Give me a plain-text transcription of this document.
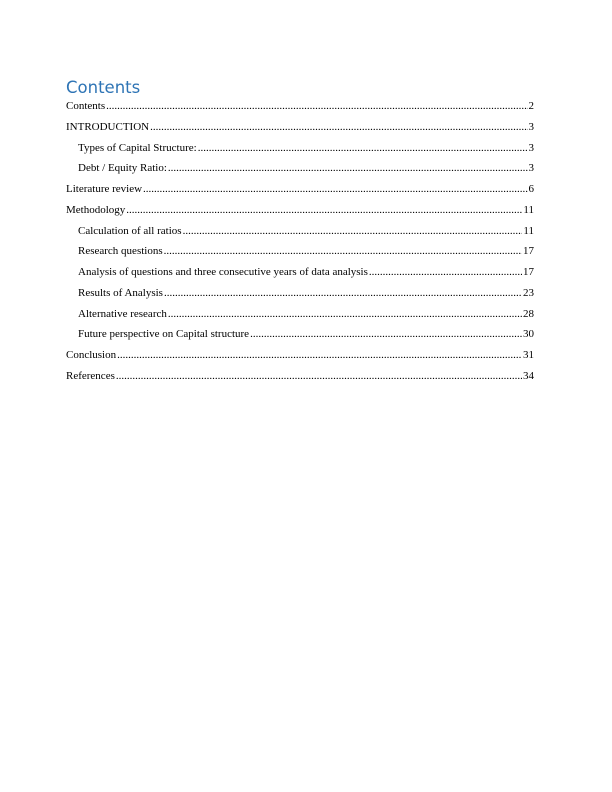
Contents
Contents .....	2
INTRODUCTION .....	3
Types of Capital Structure: .....	3
Debt / Equity Ratio: .....	3
Literature review .....	6
Methodology .....	11
Calculation of all ratios .....	11
Research questions .....	17
Analysis of questions and three consecutive years of data analysis .....	17
Results of Analysis .....	23
Alternative research .....	28
Future perspective on Capital structure .....	30
Conclusion .....	31
References .....	34
